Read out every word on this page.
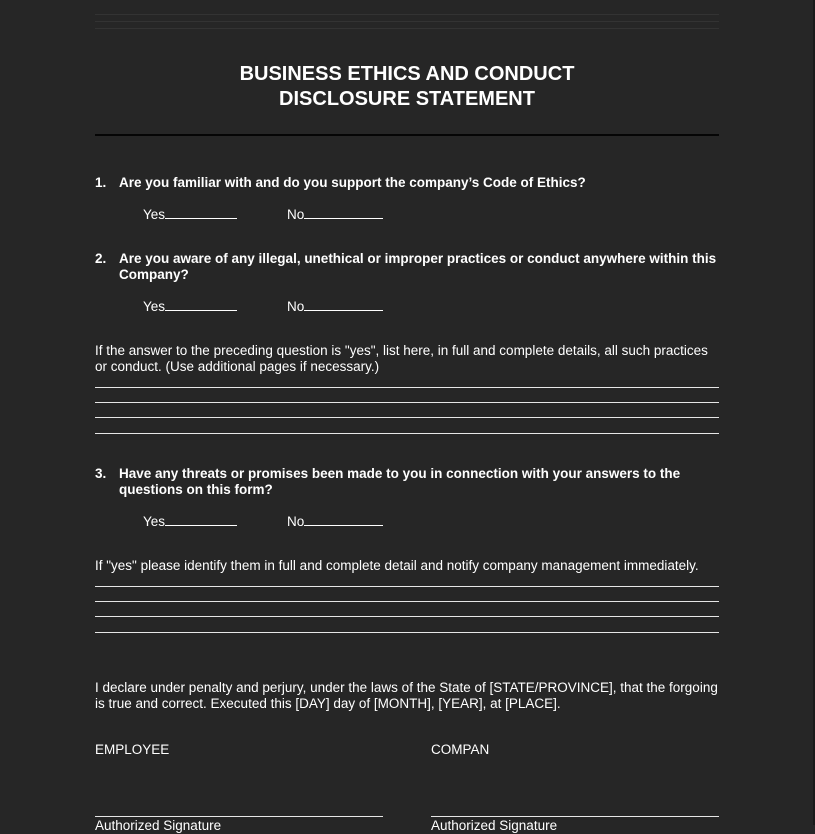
BUSINESS ETHICS AND CONDUCT
DISCLOSURE STATEMENT
1. Are you familiar with and do you support the company’s Code of Ethics?
Yes	No
2. Are you aware of any illegal, unethical or improper practices or conduct anywhere within this Company?
Yes	No
If the answer to the preceding question is "yes", list here, in full and complete details, all such practices or conduct. (Use additional pages if necessary.)
3. Have any threats or promises been made to you in connection with your answers to the questions on this form?
Yes	No
If "yes" please identify them in full and complete detail and notify company management immediately.
I declare under penalty and perjury, under the laws of the State of [STATE/PROVINCE], that the forgoing is true and correct. Executed this [DAY] day of [MONTH], [YEAR], at [PLACE].
EMPLOYEE	COMPAN
Authorized Signature	Authorized Signature
